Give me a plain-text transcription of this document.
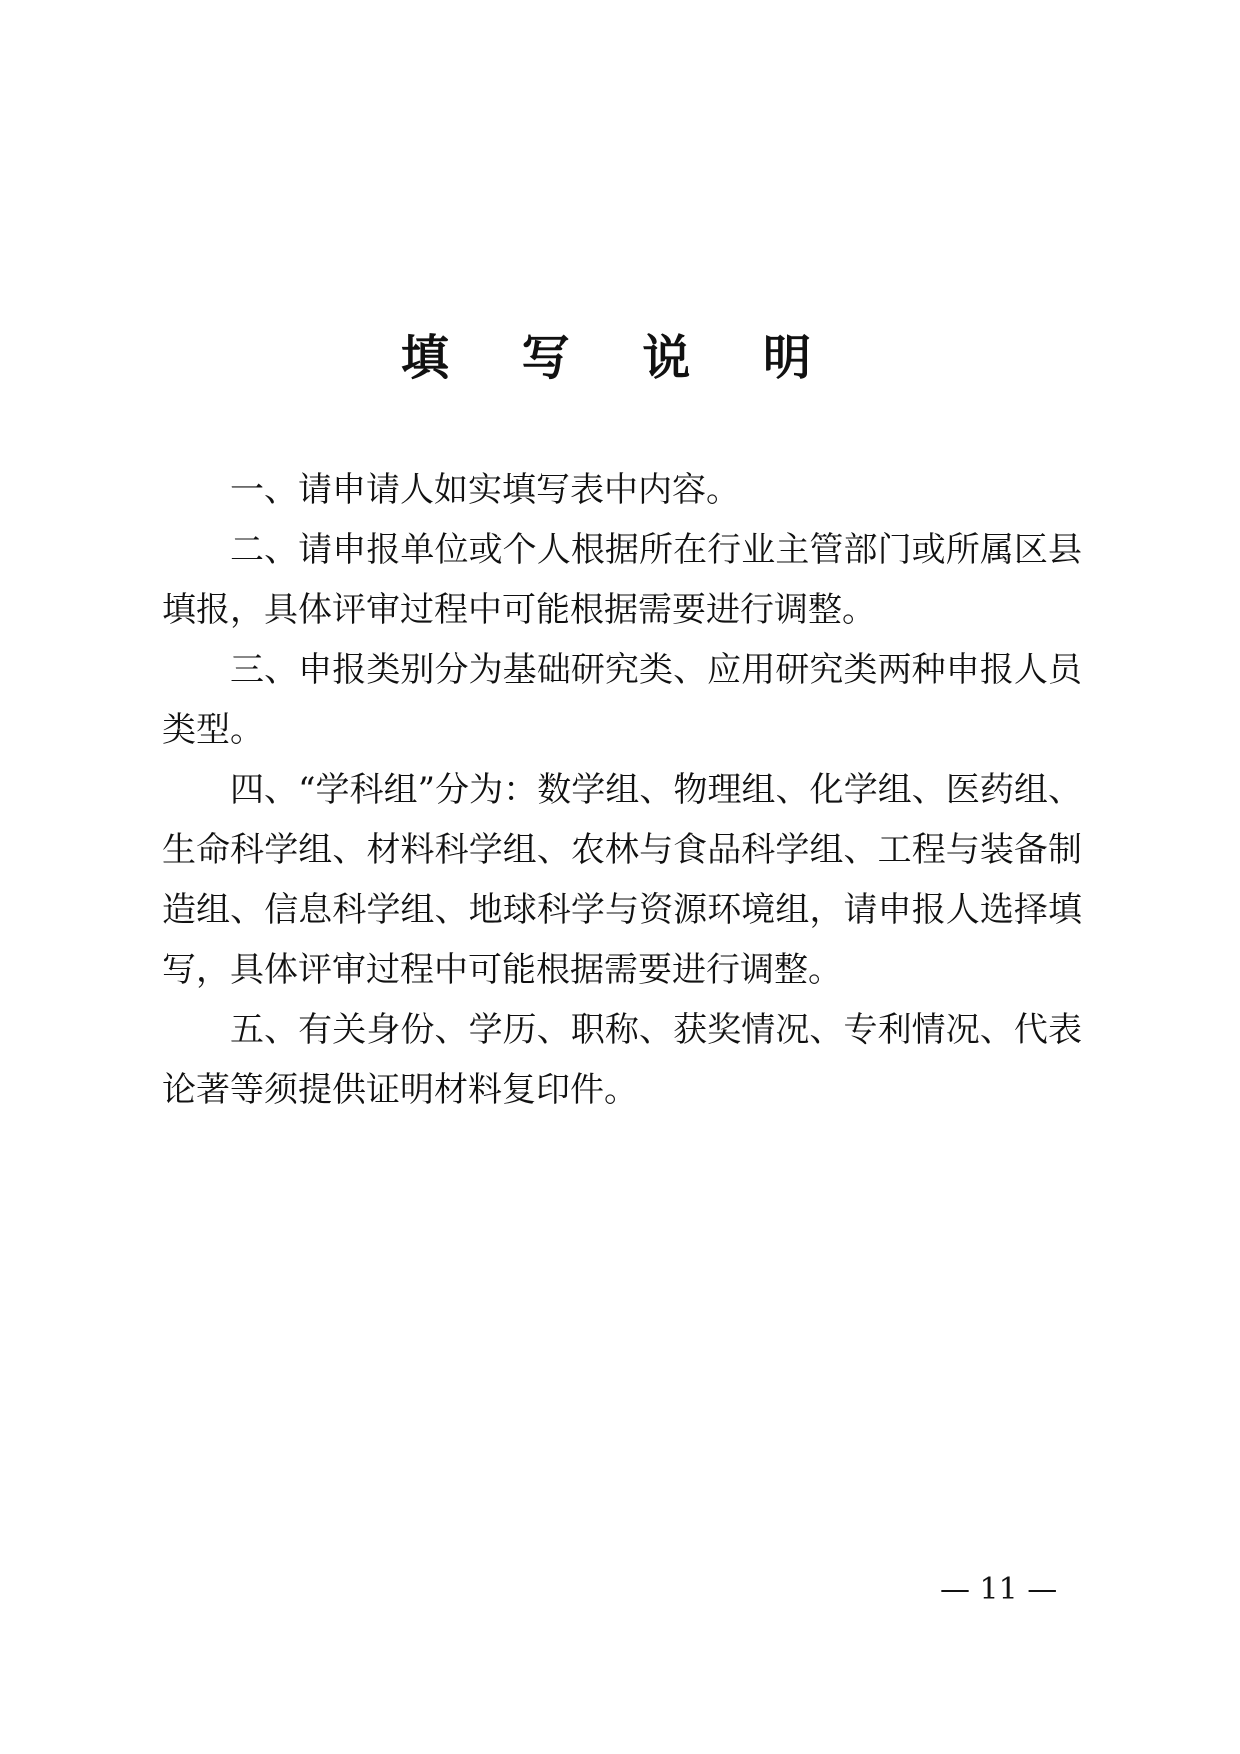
填 写 说 明

一、请申请人如实填写表中内容。

二、请申报单位或个人根据所在行业主管部门或所属区县填报，具体评审过程中可能根据需要进行调整。

三、申报类别分为基础研究类、应用研究类两种申报人员类型。

四、“学科组”分为：数学组、物理组、化学组、医药组、生命科学组、材料科学组、农林与食品科学组、工程与装备制造组、信息科学组、地球科学与资源环境组，请申报人选择填写，具体评审过程中可能根据需要进行调整。

五、有关身份、学历、职称、获奖情况、专利情况、代表论著等须提供证明材料复印件。

— 11 —
